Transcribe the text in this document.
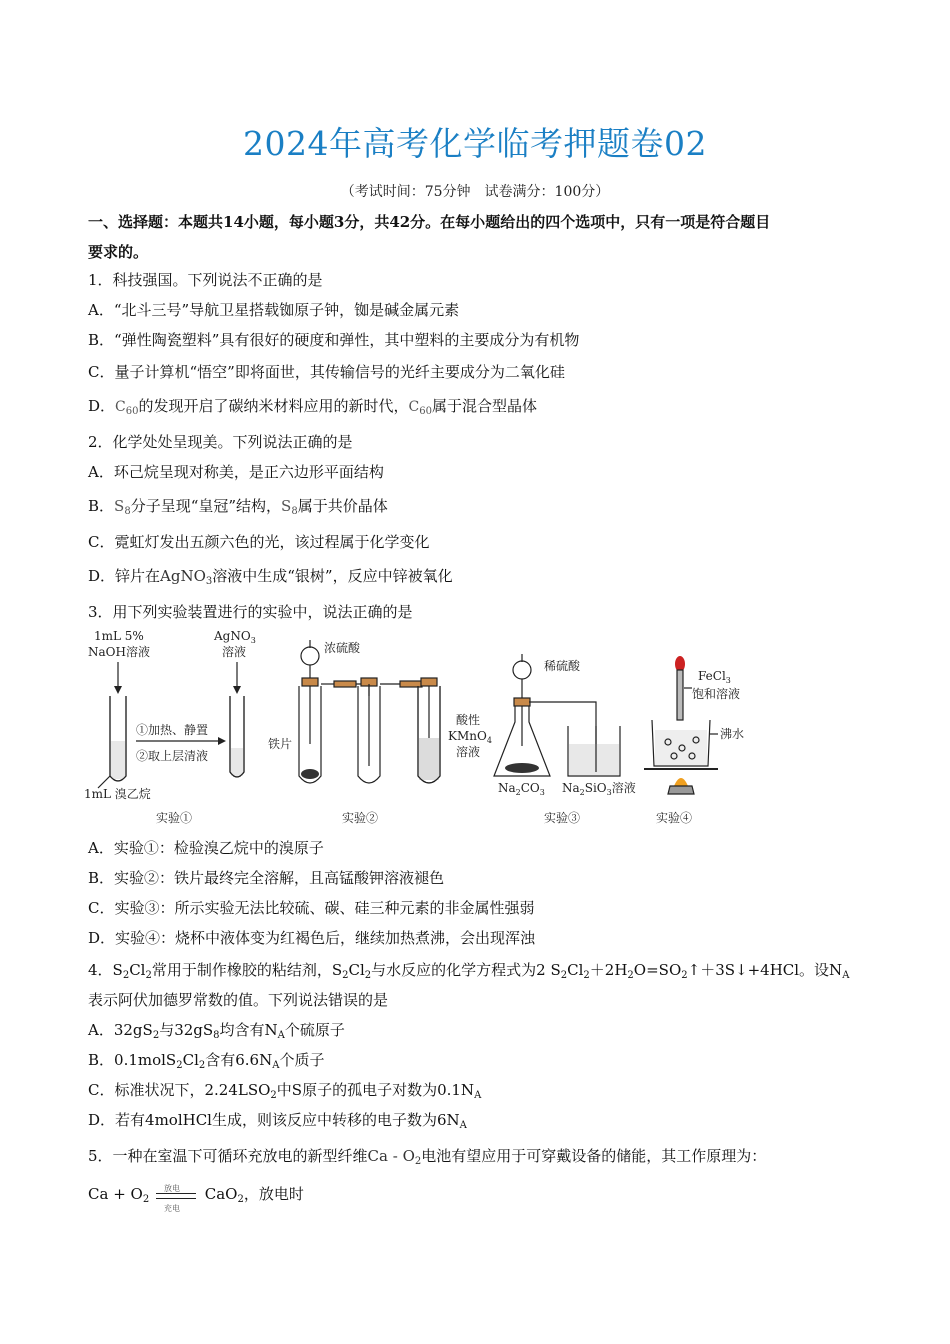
2024年高考化学临考押题卷02
（考试时间：75分钟　试卷满分：100分）
一、选择题：本题共14小题，每小题3分，共42分。在每小题给出的四个选项中，只有一项是符合题目
要求的。
1．科技强国。下列说法不正确的是
A．“北斗三号”导航卫星搭载铷原子钟，铷是碱金属元素
B．“弹性陶瓷塑料”具有很好的硬度和弹性，其中塑料的主要成分为有机物
C．量子计算机“悟空”即将面世，其传输信号的光纤主要成分为二氧化硅
D．$C_{60}$的发现开启了碳纳米材料应用的新时代，$C_{60}$属于混合型晶体
2．化学处处呈现美。下列说法正确的是
A．环己烷呈现对称美，是正六边形平面结构
B．$S_8$分子呈现“皇冠”结构，$S_8$属于共价晶体
C．霓虹灯发出五颜六色的光，该过程属于化学变化
D．锌片在AgNO$_3$溶液中生成“银树”，反应中锌被氧化
3．用下列实验装置进行的实验中，说法正确的是
1mL 5%
NaOH溶液
1mL 溴乙烷
①加热、静置
②取上层清液
AgNO$_3$
溶液
实验①
浓硫酸
铁片
酸性
KMnO$_4$
溶液
实验②
稀硫酸
$Na_2CO_3$ $Na_2SiO_3$溶液
实验③
FeCl$_3$
饱和溶液
沸水
实验④
A．实验①：检验溴乙烷中的溴原子
B．实验②：铁片最终完全溶解，且高锰酸钾溶液褪色
C．实验③：所示实验无法比较硫、碳、硅三种元素的非金属性强弱
D．实验④：烧杯中液体变为红褐色后，继续加热煮沸，会出现浑浊
4．$S_2Cl_2$常用于制作橡胶的粘结剂，$S_2Cl_2$与水反应的化学方程式为2 $S_2Cl_2+2H_2O=SO_2↑+3S↓+4HCl$。设$N_A$
表示阿伏加德罗常数的值。下列说法错误的是
A．$32gS_2$与$32gS_8$均含有$N_A$个硫原子
B．$0.1molS_2Cl_2$含有$6.6N_A$个质子
C．标准状况下，$2.24LSO_2$中S原子的孤电子对数为$0.1N_A$
D．若有4molHCl生成，则该反应中转移的电子数为$6N_A$
5．一种在室温下可循环充放电的新型纤维Ca - $O_2$电池有望应用于可穿戴设备的储能，其工作原理为：
$Ca + O_2$
放电
充电
CaO$_2$，放电时
